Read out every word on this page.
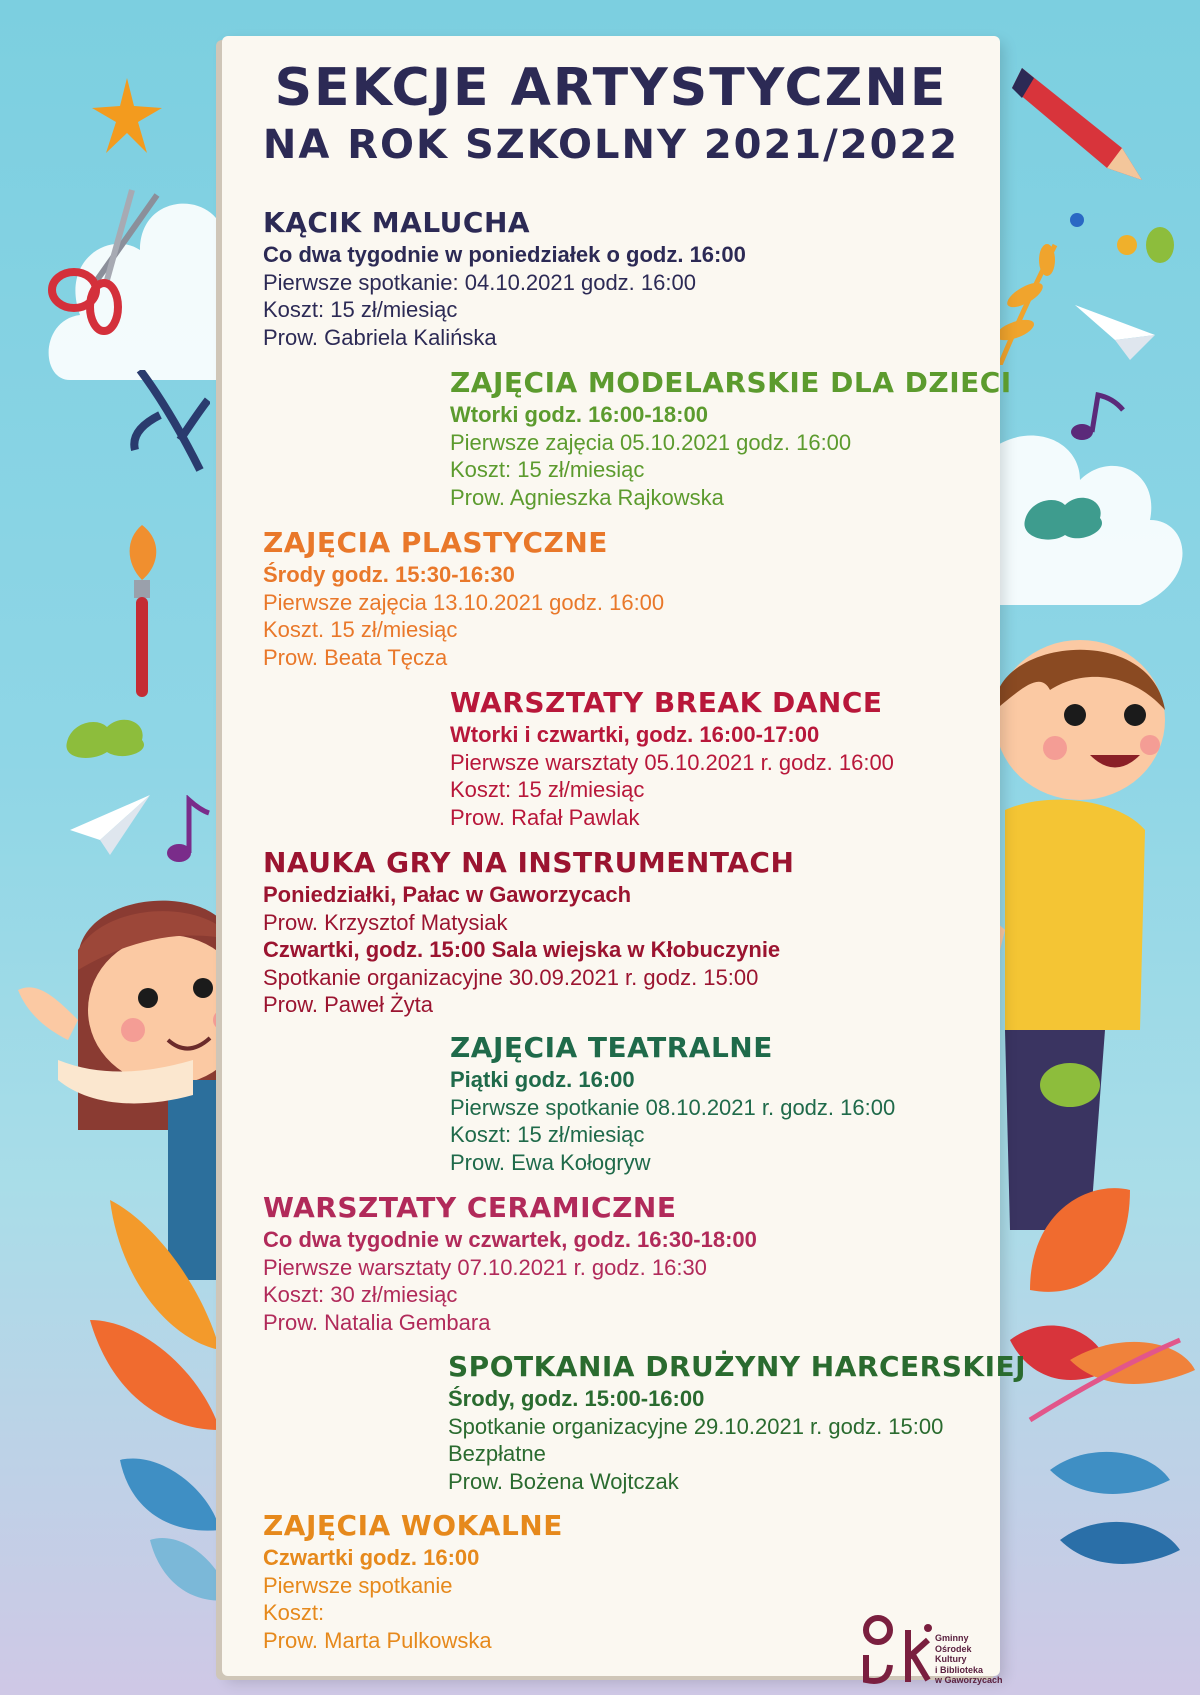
SEKCJE ARTYSTYCZNE
NA ROK SZKOLNY 2021/2022
KĄCIK MALUCHA
Co dwa tygodnie w poniedziałek o godz. 16:00
Pierwsze spotkanie: 04.10.2021 godz. 16:00
Koszt: 15 zł/miesiąc
Prow. Gabriela Kalińska
ZAJĘCIA MODELARSKIE DLA DZIECI
Wtorki godz. 16:00-18:00
Pierwsze zajęcia 05.10.2021 godz. 16:00
Koszt: 15 zł/miesiąc
Prow. Agnieszka Rajkowska
ZAJĘCIA PLASTYCZNE
Środy godz. 15:30-16:30
Pierwsze zajęcia 13.10.2021 godz. 16:00
Koszt. 15 zł/miesiąc
Prow. Beata Tęcza
WARSZTATY BREAK DANCE
Wtorki i czwartki, godz. 16:00-17:00
Pierwsze warsztaty 05.10.2021 r. godz. 16:00
Koszt: 15 zł/miesiąc
Prow. Rafał Pawlak
NAUKA GRY NA INSTRUMENTACH
Poniedziałki, Pałac w Gaworzycach
Prow. Krzysztof Matysiak
Czwartki, godz. 15:00 Sala wiejska w Kłobuczynie
Spotkanie organizacyjne 30.09.2021 r. godz. 15:00
Prow. Paweł Żyta
ZAJĘCIA TEATRALNE
Piątki godz. 16:00
Pierwsze spotkanie 08.10.2021 r. godz. 16:00
Koszt: 15 zł/miesiąc
Prow. Ewa Kołogryw
WARSZTATY CERAMICZNE
Co dwa tygodnie w czwartek, godz. 16:30-18:00
Pierwsze warsztaty 07.10.2021 r. godz. 16:30
Koszt: 30 zł/miesiąc
Prow. Natalia Gembara
SPOTKANIA DRUŻYNY HARCERSKIEJ
Środy, godz. 15:00-16:00
Spotkanie organizacyjne 29.10.2021 r. godz. 15:00
Bezpłatne
Prow. Bożena Wojtczak
ZAJĘCIA WOKALNE
Czwartki godz. 16:00
Pierwsze spotkanie
Koszt:
Prow. Marta Pulkowska	Gminny
Ośrodek
Kultury
i Biblioteka
w Gaworzycach
